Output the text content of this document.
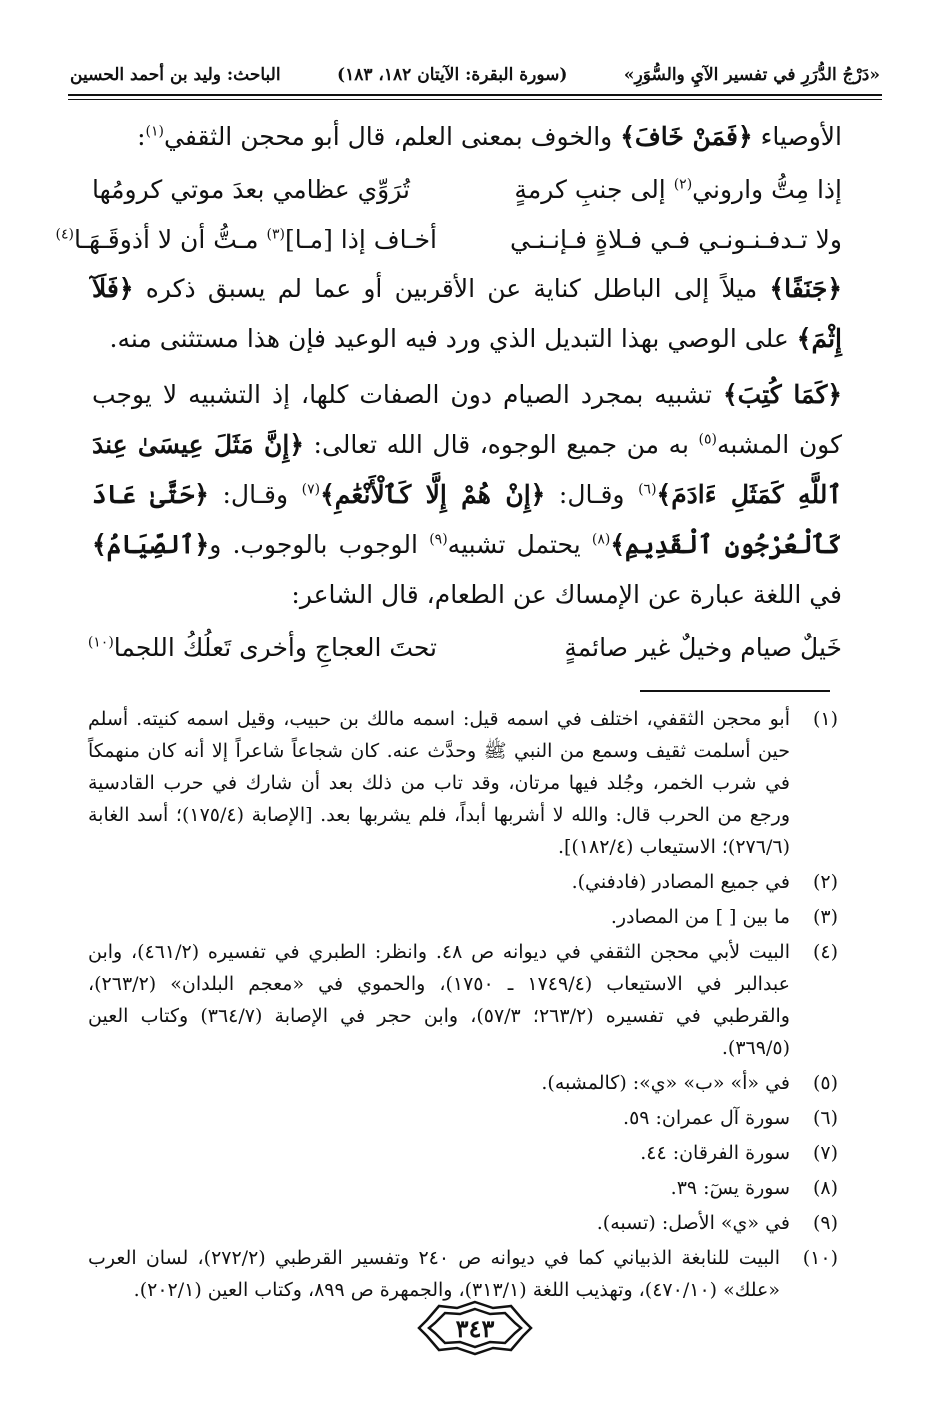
«دَرْجُ الدُّرَرِ في تفسير الآيِ والسُّوَرِ»
(سورة البقرة: الآيتان ١٨٢، ١٨٣)
الباحث: وليد بن أحمد الحسين

الأوصياء ﴿فَمَنْ خَافَ﴾ والخوف بمعنى العلم، قال أبو محجن الثقفي$^{(١)}$:

إذا مِتُّ واروني$^{(٢)}$ إلى جنبِ كرمةٍ
تُرَوِّي عظامي بعدَ موتي كرومُها
ولا تـدفـنـونـي فـي فـلاةٍ فـإنـنـي
أخـاف إذا [مـا]$^{(٣)}$ مـتُّ أن لا أذوقَـهَـا$^{(٤)}$

﴿جَنَفًا﴾ ميلاً إلى الباطل كناية عن الأقربين أو عما لم يسبق ذكره ﴿فَلَآ إِثْمَ﴾ على الوصي بهذا التبديل الذي ورد فيه الوعيد فإن هذا مستثنى منه.

﴿كَمَا كُتِبَ﴾ تشبيه بمجرد الصيام دون الصفات كلها، إذ التشبيه لا يوجب كون المشبه$^{(٥)}$ به من جميع الوجوه، قال الله تعالى: ﴿إِنَّ مَثَلَ عِيسَىٰ عِندَ ٱللَّهِ كَمَثَلِ ءَادَمَ﴾$^{(٦)}$ وقـال: ﴿إِنْ هُمْ إِلَّا كَٱلْأَنْعَٰمِ﴾$^{(٧)}$ وقـال: ﴿حَتَّىٰ عَادَ كَٱلْعُرْجُونِ ٱلْقَدِيمِ﴾$^{(٨)}$ يحتمل تشبيه$^{(٩)}$ الوجوب بالوجوب. و﴿ٱلصِّيَامُ﴾ في اللغة عبارة عن الإمساك عن الطعام، قال الشاعر:

خَيلٌ صيام وخيلٌ غير صائمةٍ
تحتَ العجاجِ وأخرى تَعلُكُ اللجما$^{(١٠)}$
(١)
أبو محجن الثقفي، اختلف في اسمه قيل: اسمه مالك بن حبيب، وقيل اسمه كنيته. أسلم حين أسلمت ثقيف وسمع من النبي ﷺ وحدَّث عنه. كان شجاعاً شاعراً إلا أنه كان منهمكاً في شرب الخمر، وجُلد فيها مرتان، وقد تاب من ذلك بعد أن شارك في حرب القادسية ورجع من الحرب قال: والله لا أشربها أبداً، فلم يشربها بعد. [الإصابة (١٧٥/٤)؛ أسد الغابة (٢٧٦/٦)؛ الاستيعاب (١٨٢/٤)].
(٢)
في جميع المصادر (فادفني).
(٣)
ما بين [ ] من المصادر.
(٤)
البيت لأبي محجن الثقفي في ديوانه ص ٤٨. وانظر: الطبري في تفسيره (٤٦١/٢)، وابن عبدالبر في الاستيعاب (١٧٤٩/٤ ـ ١٧٥٠)، والحموي في «معجم البلدان» (٢٦٣/٢)، والقرطبي في تفسيره (٢٦٣/٢؛ ٥٧/٣)، وابن حجر في الإصابة (٣٦٤/٧) وكتاب العين (٣٦٩/٥).
(٥)
في «أ» «ب» «ي»: (كالمشبه).
(٦)
سورة آل عمران: ٥٩.
(٧)
سورة الفرقان: ٤٤.
(٨)
سورة يسٓ: ٣٩.
(٩)
في «ي» الأصل: (تسبه).
(١٠)
البيت للنابغة الذبياني كما في ديوانه ص ٢٤٠ وتفسير القرطبي (٢٧٢/٢)، لسان العرب «علك» (٤٧٠/١٠)، وتهذيب اللغة (٣١٣/١)، والجمهرة ص ٨٩٩، وكتاب العين (٢٠٢/١).
٣٤٣
